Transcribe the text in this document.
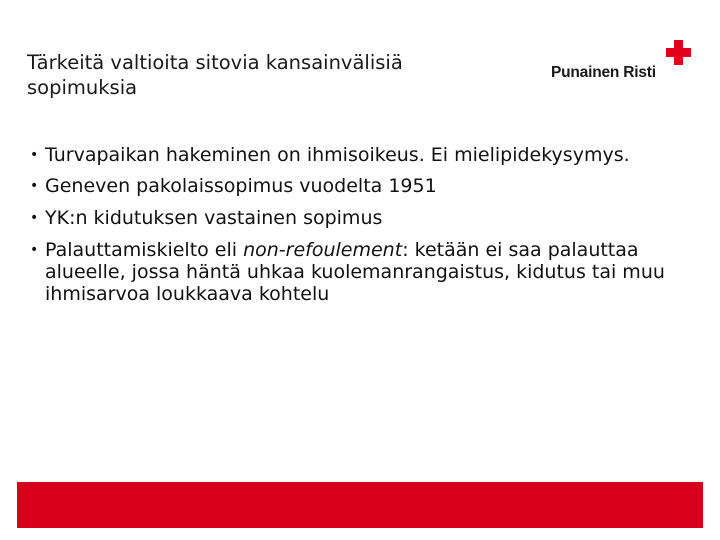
Tärkeitä valtioita sitovia kansainvälisiä sopimuksia
Punainen Risti
• Turvapaikan hakeminen on ihmisoikeus. Ei mielipidekysymys.
• Geneven pakolaissopimus vuodelta 1951
• YK:n kidutuksen vastainen sopimus
• Palauttamiskielto eli non-refoulement: ketään ei saa palauttaa alueelle, jossa häntä uhkaa kuolemanrangaistus, kidutus tai muu ihmisarvoa loukkaava kohtelu
